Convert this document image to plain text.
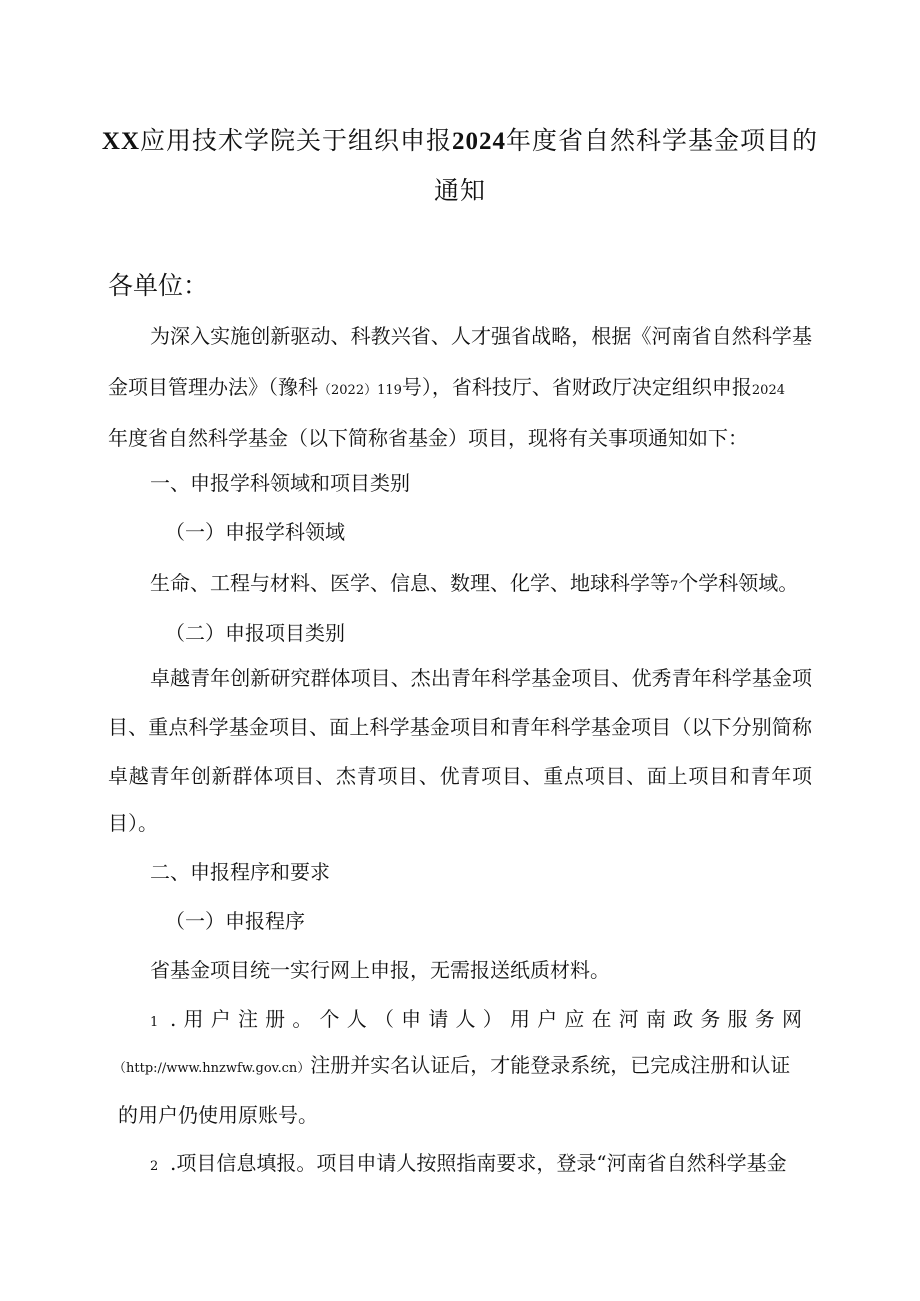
XX应用技术学院关于组织申报2024年度省自然科学基金项目的
通知
各单位：
为深入实施创新驱动、科教兴省、人才强省战略，根据《河南省自然科学基
金项目管理办法》（豫科（2022）119号），省科技厅、省财政厅决定组织申报2024
年度省自然科学基金（以下简称省基金）项目，现将有关事项通知如下：
一、申报学科领域和项目类别
（一）申报学科领域
生命、工程与材料、医学、信息、数理、化学、地球科学等7个学科领域。
（二）申报项目类别
卓越青年创新研究群体项目、杰出青年科学基金项目、优秀青年科学基金项
目、重点科学基金项目、面上科学基金项目和青年科学基金项目（以下分别简称
卓越青年创新群体项目、杰青项目、优青项目、重点项目、面上项目和青年项
目）。
二、申报程序和要求
（一）申报程序
省基金项目统一实行网上申报，无需报送纸质材料。
1 .用户注册。个人（申请人）用户应在河南政务服务网
（http://www.hnzwfw.gov.cn）注册并实名认证后，才能登录系统，已完成注册和认证
的用户仍使用原账号。
2 .项目信息填报。项目申请人按照指南要求，登录“河南省自然科学基金
